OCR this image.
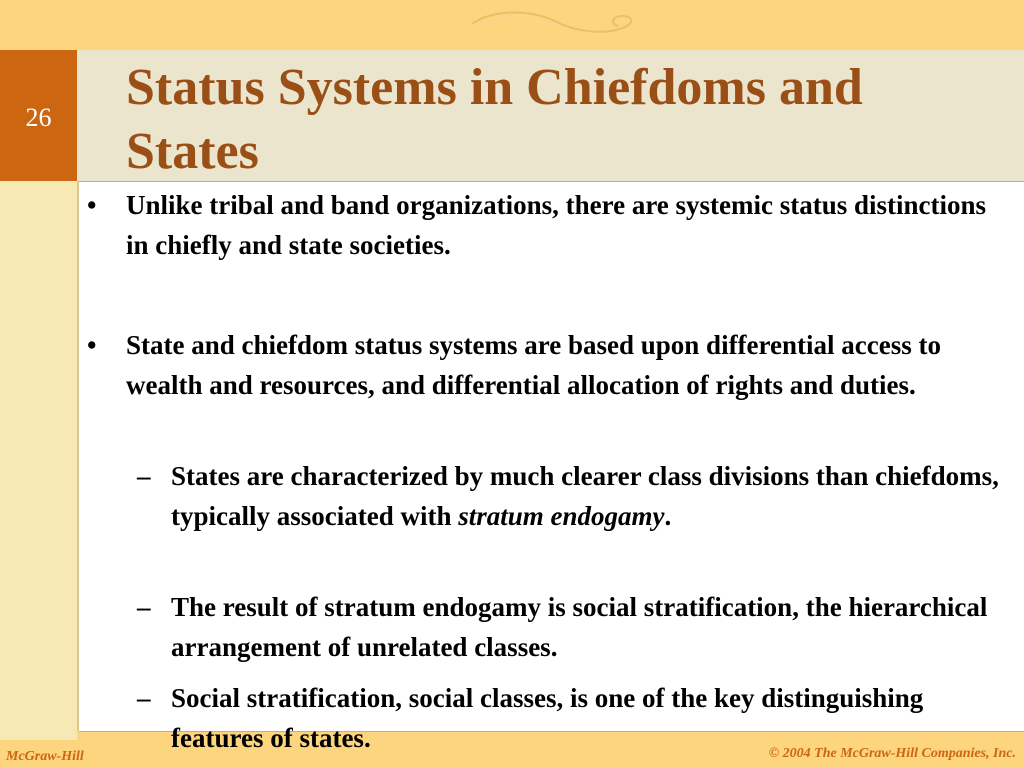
26
Status Systems in Chiefdoms and States
• Unlike tribal and band organizations, there are systemic status distinctions in chiefly and state societies.
• State and chiefdom status systems are based upon differential access to wealth and resources, and differential allocation of rights and duties.
– States are characterized by much clearer class divisions than chiefdoms, typically associated with stratum endogamy.
– The result of stratum endogamy is social stratification, the hierarchical arrangement of unrelated classes.
– Social stratification, social classes, is one of the key distinguishing features of states.
McGraw-Hill	© 2004 The McGraw-Hill Companies, Inc.
